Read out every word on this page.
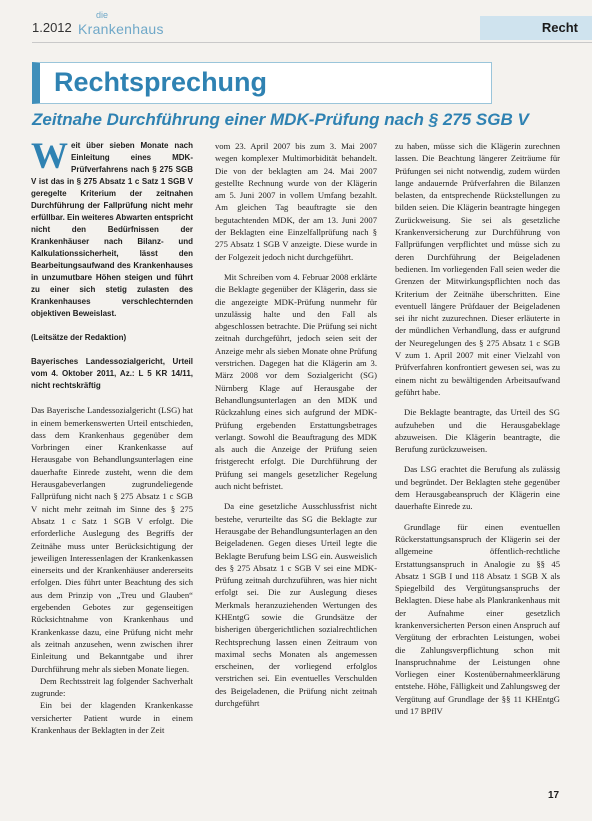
1.2012
die
Krankenhaus	Recht
Rechtsprechung
Zeitnahe Durchführung einer MDK-Prüfung nach § 275 SGB V

Weit über sieben Monate nach Einleitung eines MDK-Prüfverfahrens nach § 275 SGB V ist das in § 275 Absatz 1 c Satz 1 SGB V geregelte Kriterium der zeitnahen Durchführung der Fallprüfung nicht mehr erfüllbar. Ein weiteres Abwarten entspricht nicht den Bedürfnissen der Krankenhäuser nach Bilanz- und Kalkulationssicherheit, lässt den Bearbeitungsaufwand des Krankenhauses in unzumutbare Höhen steigen und führt zu einer sich stetig zulasten des Krankenhauses verschlechternden objektiven Beweislast.

(Leitsätze der Redaktion)

Bayerisches Landessozialgericht, Urteil vom 4. Oktober 2011, Az.: L 5 KR 14/11, nicht rechtskräftig

Das Bayerische Landessozialgericht (LSG) hat in einem bemerkenswerten Urteil entschieden, dass dem Krankenhaus gegenüber dem Vorbringen einer Krankenkasse auf Herausgabe von Behandlungsunterlagen eine dauerhafte Einrede zusteht, wenn die dem Herausgabeverlangen zugrundeliegende Fallprüfung nicht nach § 275 Absatz 1 c SGB V nicht mehr zeitnah im Sinne des § 275 Absatz 1 c Satz 1 SGB V erfolgt. Die erforderliche Auslegung des Begriffs der Zeitnähe muss unter Berücksichtigung der jeweiligen Interessenlagen der Krankenkassen einerseits und der Krankenhäuser andererseits erfolgen. Dies führt unter Beachtung des sich aus dem Prinzip von „Treu und Glauben“ ergebenden Gebotes zur gegenseitigen Rücksichtnahme von Krankenhaus und Krankenkasse dazu, eine Prüfung nicht mehr als zeitnah anzusehen, wenn zwischen ihrer Einleitung und Bekanntgabe und ihrer Durchführung mehr als sieben Monate liegen.

Dem Rechtsstreit lag folgender Sachverhalt zugrunde:

Ein bei der klagenden Krankenkasse versicherter Patient wurde in einem Krankenhaus der Beklagten in der Zeit

vom 23. April 2007 bis zum 3. Mai 2007 wegen komplexer Multimorbidität behandelt. Die von der beklagten am 24. Mai 2007 gestellte Rechnung wurde von der Klägerin am 5. Juni 2007 in vollem Umfang bezahlt. Am gleichen Tag beauftragte sie den begutachtenden MDK, der am 13. Juni 2007 der Beklagten eine Einzelfallprüfung nach § 275 Absatz 1 SGB V anzeigte. Diese wurde in der Folgezeit jedoch nicht durchgeführt.

Mit Schreiben vom 4. Februar 2008 erklärte die Beklagte gegenüber der Klägerin, dass sie die angezeigte MDK-Prüfung nunmehr für unzulässig halte und den Fall als abgeschlossen betrachte. Die Prüfung sei nicht zeitnah durchgeführt, jedoch seien seit der Anzeige mehr als sieben Monate ohne Prüfung verstrichen. Dagegen hat die Klägerin am 3. März 2008 vor dem Sozialgericht (SG) Nürnberg Klage auf Herausgabe der Behandlungsunterlagen an den MDK und Rückzahlung eines sich aufgrund der MDK-Prüfung ergebenden Erstattungsbetrages verlangt. Sowohl die Beauftragung des MDK als auch die Anzeige der Prüfung seien fristgerecht erfolgt. Die Durchführung der Prüfung sei mangels gesetzlicher Regelung auch nicht befristet.

Da eine gesetzliche Ausschlussfrist nicht bestehe, verurteilte das SG die Beklagte zur Herausgabe der Behandlungsunterlagen an den Beigeladenen. Gegen dieses Urteil legte die Beklagte Berufung beim LSG ein. Ausweislich des § 275 Absatz 1 c SGB V sei eine MDK-Prüfung zeitnah durchzuführen, was hier nicht erfolgt sei. Die zur Auslegung dieses Merkmals heranzuziehenden Wertungen des KHEntgG sowie die Grundsätze der bisherigen übergerichtlichen sozialrechtlichen Rechtsprechung lassen einen Zeitraum von maximal sechs Monaten als angemessen erscheinen, der vorliegend erfolglos verstrichen sei. Ein eventuelles Verschulden des Beigeladenen, die Prüfung nicht zeitnah durchgeführt

zu haben, müsse sich die Klägerin zurechnen lassen. Die Beachtung längerer Zeiträume für Prüfungen sei nicht notwendig, zudem würden lange andauernde Prüfverfahren die Bilanzen belasten, da entsprechende Rückstellungen zu bilden seien. Die Klägerin beantragte hingegen Zurückweisung. Sie sei als gesetzliche Krankenversicherung zur Durchführung von Fallprüfungen verpflichtet und müsse sich zu deren Durchführung der Beigeladenen bedienen. Im vorliegenden Fall seien weder die Grenzen der Mitwirkungspflichten noch das Kriterium der Zeitnähe überschritten. Eine eventuell längere Prüfdauer der Beigeladenen sei ihr nicht zuzurechnen. Dieser erläuterte in der mündlichen Verhandlung, dass er aufgrund der Neuregelungen des § 275 Absatz 1 c SGB V zum 1. April 2007 mit einer Vielzahl von Prüfverfahren konfrontiert gewesen sei, was zu einem nicht zu bewältigenden Arbeitsaufwand geführt habe.

Die Beklagte beantragte, das Urteil des SG aufzuheben und die Herausgabeklage abzuweisen. Die Klägerin beantragte, die Berufung zurückzuweisen.

Das LSG erachtet die Berufung als zulässig und begründet. Der Beklagten stehe gegenüber dem Herausgabeanspruch der Klägerin eine dauerhafte Einrede zu.

Grundlage für einen eventuellen Rückerstattungsanspruch der Klägerin sei der allgemeine öffentlich-rechtliche Erstattungsanspruch in Analogie zu §§ 45 Absatz 1 SGB I und 118 Absatz 1 SGB X als Spiegelbild des Vergütungsanspruchs der Beklagten. Diese habe als Plankrankenhaus mit der Aufnahme einer gesetzlich krankenversicherten Person einen Anspruch auf Vergütung der erbrachten Leistungen, wobei die Zahlungsverpflichtung schon mit Inanspruchnahme der Leistungen ohne Vorliegen einer Kostenübernahmeerklärung entstehe. Höhe, Fälligkeit und Zahlungsweg der Vergütung auf Grundlage der §§ 11 KHEntgG und 17 BPflV

17
